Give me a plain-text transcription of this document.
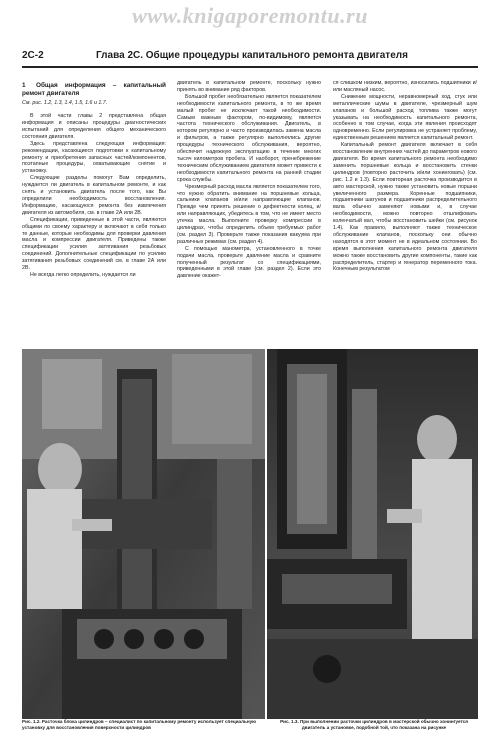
www.knigaporemontu.ru
2С-2	Глава 2С. Общие процедуры капитального ремонта двигателя
1 Общая информация – капитальный ремонт двигателя

См. рис. 1.2, 1.3, 1.4, 1.5, 1.6 и 1.7.

В этой части главы 2 представлена общая информация и описаны процедуры диагностических испытаний для определения общего механического состояния двигателя.

Здесь представлена следующая информация: рекомендации, касающиеся подготовки к капитальному ремонту и приобретения запасных частей/компонентов, поэтапные процедуры, охватывающие снятие и установку.

Следующие разделы помогут Вам определить, нуждается ли двигатель в капитальном ремонте, и как снять и установить двигатель после того, как Вы определили необходимость восстановления. Информацию, касающуюся ремонта без извлечения двигателя из автомобиля, см. в главе 2А или 2В.

Спецификации, приведенные в этой части, являются общими по своему характеру и включают в себя только те данные, которые необходимы для проверки давления масла и компрессии двигателя. Приведены также спецификации усилия затягивания резьбовых соединений. Дополнительные спецификации по усилию затягивания резьбовых соединений см. в главе 2А или 2В.

Не всегда легко определить, нуждается ли

двигатель в капитальном ремонте, поскольку нужно принять во внимание ряд факторов.

Большой пробег необязательно является показателем необходимости капитального ремонта, в то же время малый пробег не исключает такой необходимости. Самым важным фактором, по-видимому, является частота технического обслуживания. Двигатель, в котором регулярно и часто производилась замена масла и фильтров, а также регулярно выполнялись другие процедуры технического обслуживания, вероятно, обеспечит надежную эксплуатацию в течение многих тысяч километров пробега. И наоборот, пренебрежение техническим обслуживанием двигателя может привести к необходимости капитального ремонта на ранней стадии срока службы.

Чрезмерный расход масла является показателем того, что нужно обратить внимание на поршневые кольца, сальники клапанов и/или направляющие клапанов. Прежде чем принять решение о дефектности колец, и/или направляющих, убедитесь в том, что не имеет место утечка масла. Выполните проверку компрессии в цилиндрах, чтобы определить объем требуемых работ (см. раздел 3). Проверьте также показания вакуума при различных режимах (см. раздел 4).

С помощью манометра, установленного в точке подачи масла, проверьте давление масла и сравните полученный результат со спецификациями, приведенными в этой главе (см. раздел 2). Если это давление окажет-

ся слишком низким, вероятно, износились подшипники и/или масляный насос.

Снижение мощности, неравномерный ход, стук или металлические шумы в двигателе, чрезмерный шум клапанов и большой расход топлива также могут указывать на необходимость капитального ремонта, особенно в том случае, когда эти явления происходят одновременно. Если регулировка не устраняет проблему, единственным решением является капитальный ремонт.

Капитальный ремонт двигателя включает в себя восстановление внутренних частей до параметров нового двигателя. Во время капитального ремонта необходимо заменить поршневые кольца и восстановить стенки цилиндров (повторно расточить и/или хонинговать) (см. рис. 1.2 и 1.3). Если повторная расточка производится в авто мастерской, нужно также установить новые поршни увеличенного размера. Коренные подшипники, подшипники шатунов и подшипники распределительного вала обычно заменяют новыми и, в случае необходимости, можно повторно отшлифовать коленчатый вал, чтобы восстановить шейки (см. рисунок 1.4). Как правило, выполняют также техническое обслуживание клапанов, поскольку они обычно находятся в этот момент не в идеальном состоянии. Во время выполнения капитального ремонта двигателя можно также восстановить другие компоненты, такие как распределитель, стартер и генератор переменного тока. Конечным результатом

Рис. 1.2. Расточка блока цилиндров – специалист по капитальному ремонту использует специальную установку для восстановления поверхности цилиндров
Рис. 1.3. При выполнении расточки цилиндров в мастерской обычно хонингуется двигатель а установке, подобной той, что показана на рисунке
